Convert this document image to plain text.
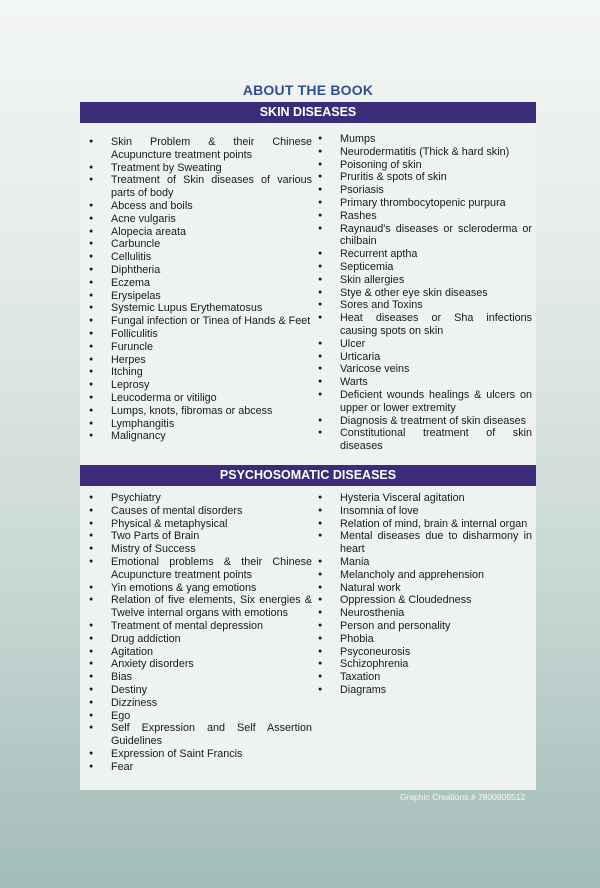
ABOUT THE BOOK
SKIN DISEASES
● Skin Problem & their Chinese Acupuncture treatment points
● Treatment by Sweating
● Treatment of Skin diseases of various parts of body
● Abcess and boils
● Acne vulgaris
● Alopecia areata
● Carbuncle
● Cellulitis
● Diphtheria
● Eczema
● Erysipelas
● Systemic Lupus Erythematosus
● Fungal infection or Tinea of Hands & Feet
● Folliculitis
● Furuncle
● Herpes
● Itching
● Leprosy
● Leucoderma or vitiligo
● Lumps, knots, fibromas or abcess
● Lymphangitis
● Malignancy
● Mumps
● Neurodermatitis (Thick & hard skin)
● Poisoning of skin
● Pruritis & spots of skin
● Psoriasis
● Primary thrombocytopenic purpura
● Rashes
● Raynaud's diseases or scleroderma or chilbain
● Recurrent aptha
● Septicemia
● Skin allergies
● Stye & other eye skin diseases
● Sores and Toxins
● Heat diseases or Sha infections causing spots on skin
● Ulcer
● Urticaria
● Varicose veins
● Warts
● Deficient wounds healings & ulcers on upper or lower extremity
● Diagnosis & treatment of skin diseases
● Constitutional treatment of skin diseases
PSYCHOSOMATIC DISEASES
● Psychiatry
● Causes of mental disorders
● Physical & metaphysical
● Two Parts of Brain
● Mistry of Success
● Emotional problems & their Chinese Acupuncture treatment points
● Yin emotions & yang emotions
● Relation of five elements, Six energies & Twelve internal organs with emotions
● Treatment of mental depression
● Drug addiction
● Agitation
● Anxiety disorders
● Bias
● Destiny
● Dizziness
● Ego
● Self Expression and Self Assertion Guidelines
● Expression of Saint Francis
● Fear
● Hysteria Visceral agitation
● Insomnia of love
● Relation of mind, brain & internal organ
● Mental diseases due to disharmony in heart
● Mania
● Melancholy and apprehension
● Natural work
● Oppression & Cloudedness
● Neurosthenia
● Person and personality
● Phobia
● Psyconeurosis
● Schizophrenia
● Taxation
● Diagrams
Graphic Creations # 7800905512
